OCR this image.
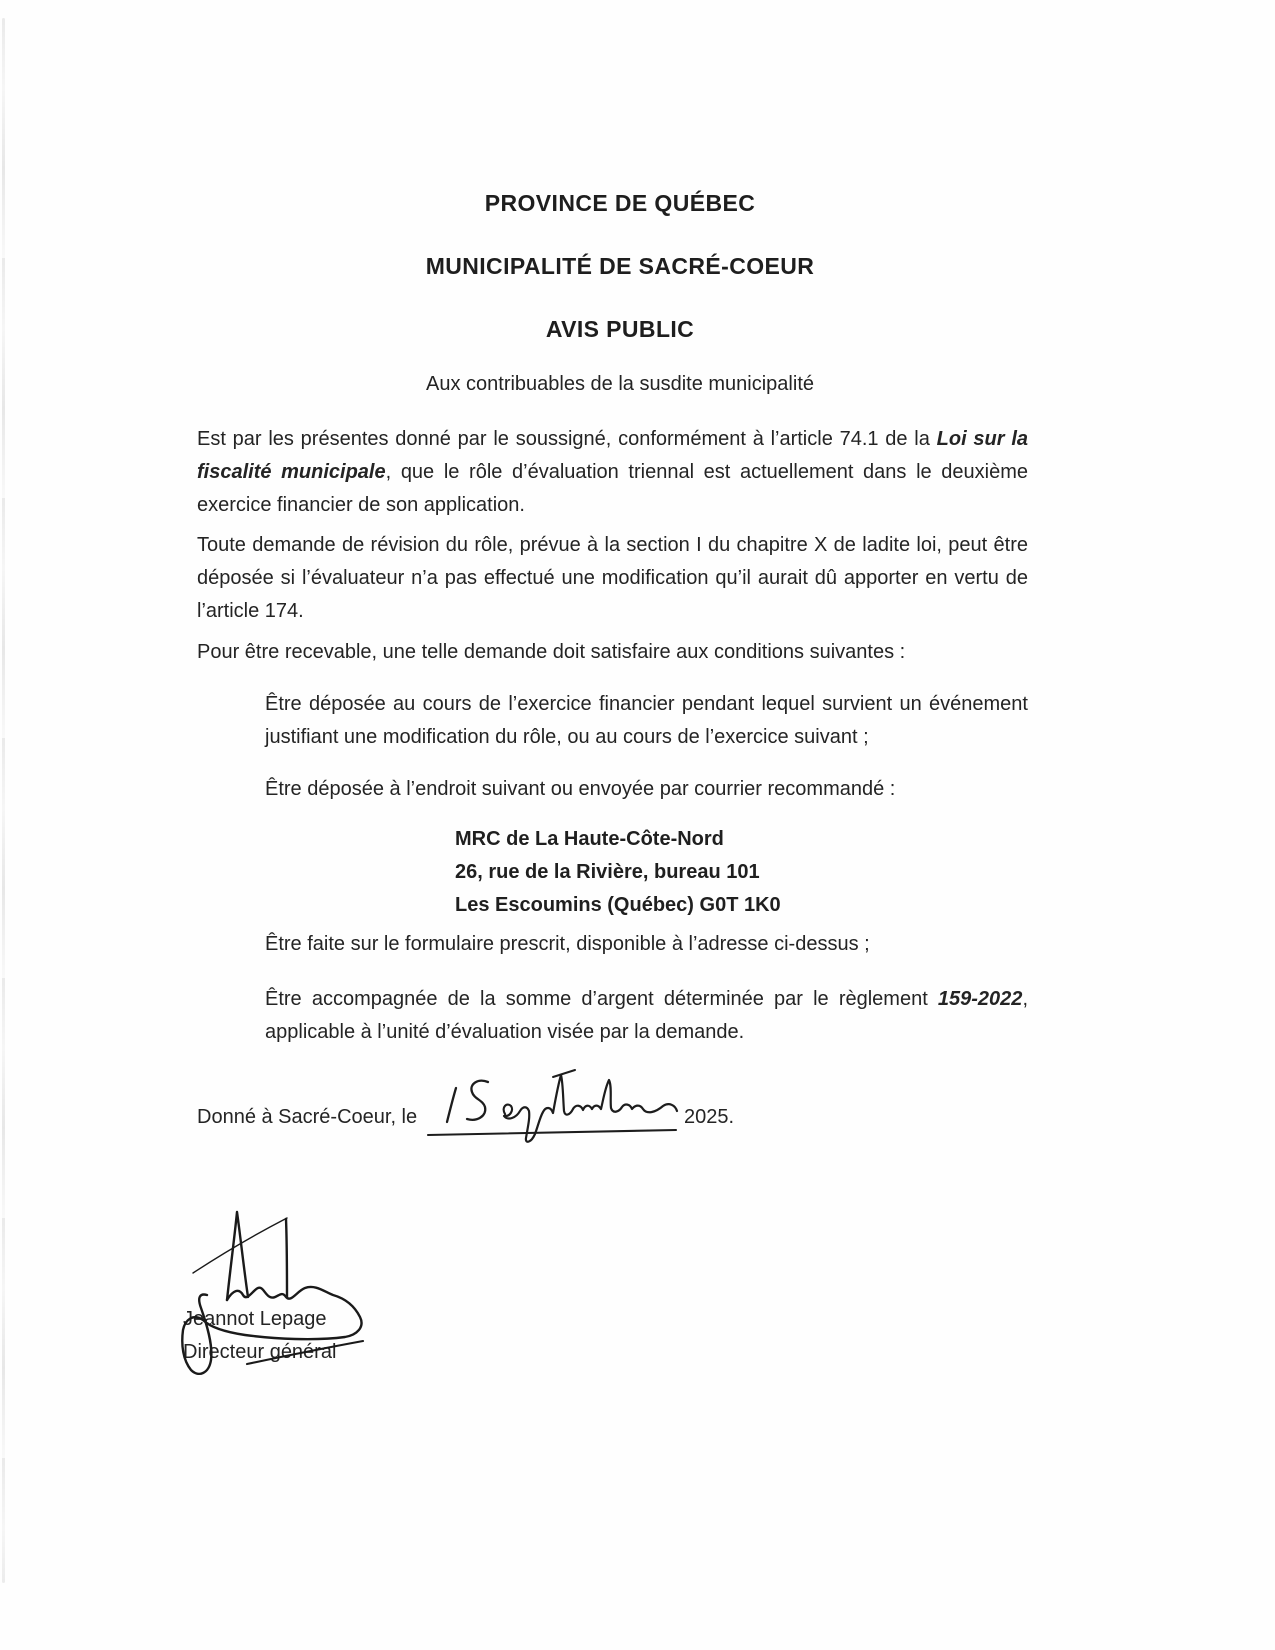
PROVINCE DE QUÉBEC
MUNICIPALITÉ DE SACRÉ-COEUR
AVIS PUBLIC
Aux contribuables de la susdite municipalité
Est par les présentes donné par le soussigné, conformément à l’article 74.1 de la Loi sur la fiscalité municipale, que le rôle d’évaluation triennal est actuellement dans le deuxième exercice financier de son application.
Toute demande de révision du rôle, prévue à la section I du chapitre X de ladite loi, peut être déposée si l’évaluateur n’a pas effectué une modification qu’il aurait dû apporter en vertu de l’article 174.
Pour être recevable, une telle demande doit satisfaire aux conditions suivantes :
Être déposée au cours de l’exercice financier pendant lequel survient un événement justifiant une modification du rôle, ou au cours de l’exercice suivant ;
Être déposée à l’endroit suivant ou envoyée par courrier recommandé :
MRC de La Haute-Côte-Nord
26, rue de la Rivière, bureau 101
Les Escoumins (Québec) G0T 1K0
Être faite sur le formulaire prescrit, disponible à l’adresse ci-dessus ;
Être accompagnée de la somme d’argent déterminée par le règlement 159-2022, applicable à l’unité d’évaluation visée par la demande.
Donné à Sacré-Coeur, le	2025.
Jeannot Lepage
Directeur général
